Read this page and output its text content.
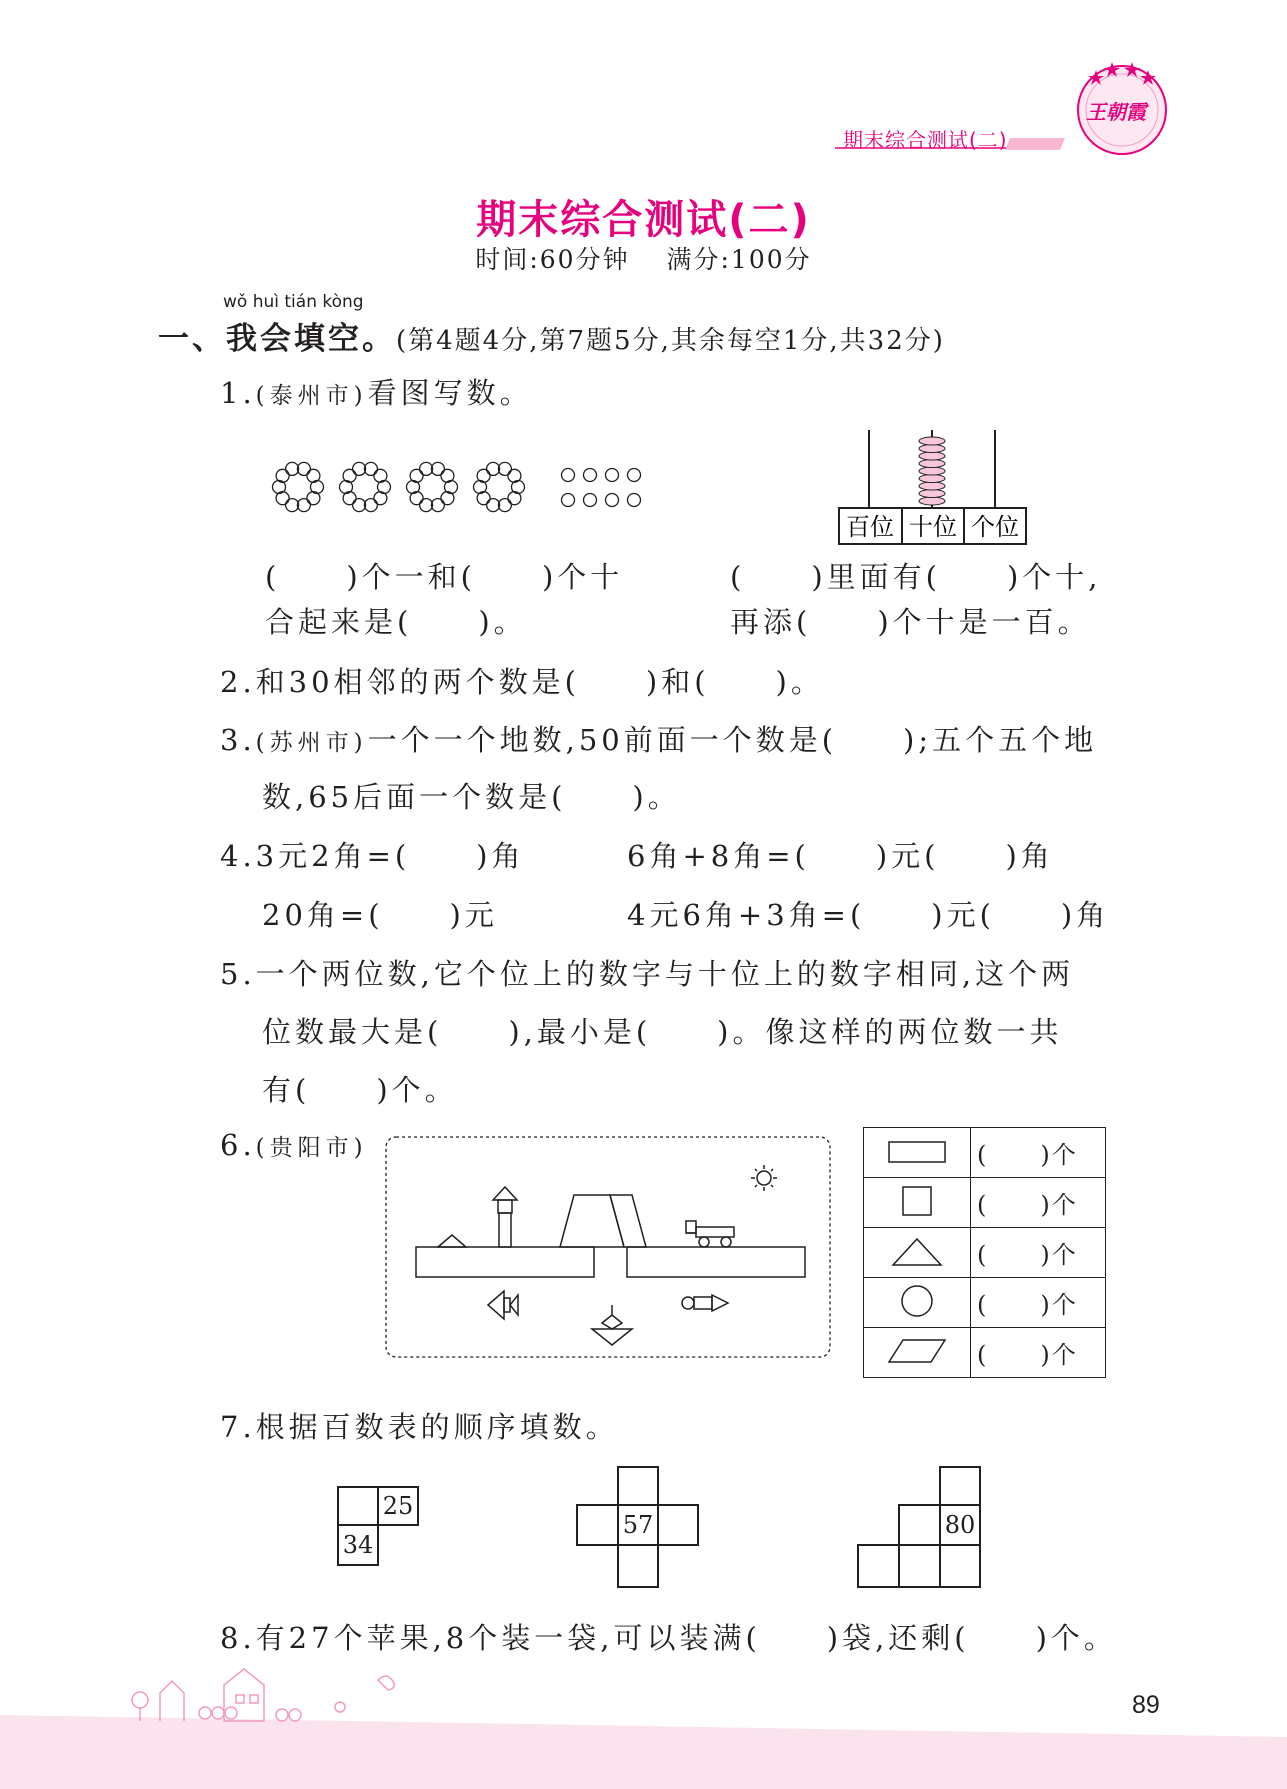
期末综合测试(二)
王朝霞
期末综合测试(二)
时间:60分钟　 满分:100分
wǒ huì tián kòng
一、我会填空。(第4题4分,第7题5分,其余每空1分,共32分)
1.(泰州市)看图写数。
百位 十位 个位
(　　)个一和(　　)个十
合起来是(　　)。
(　　)里面有(　　)个十,
再添(　　)个十是一百。
2.和30相邻的两个数是(　　)和(　　)。
3.(苏州市)一个一个地数,50前面一个数是(　　);五个五个地
数,65后面一个数是(　　)。
4.3元2角=(　　)角	6角+8角=(　　)元(　　)角
20角=(　　)元	4元6角+3角=(　　)元(　　)角
5.一个两位数,它个位上的数字与十位上的数字相同,这个两
位数最大是(　　),最小是(　　)。像这样的两位数一共
有(　　)个。
6.(贵阳市)
		(　　)个
	(　　)个
	(　　)个
	(　　)个
	(　　)个
7.根据百数表的顺序填数。
25
34
57	80
8.有27个苹果,8个装一袋,可以装满(　　)袋,还剩(　　)个。
89
